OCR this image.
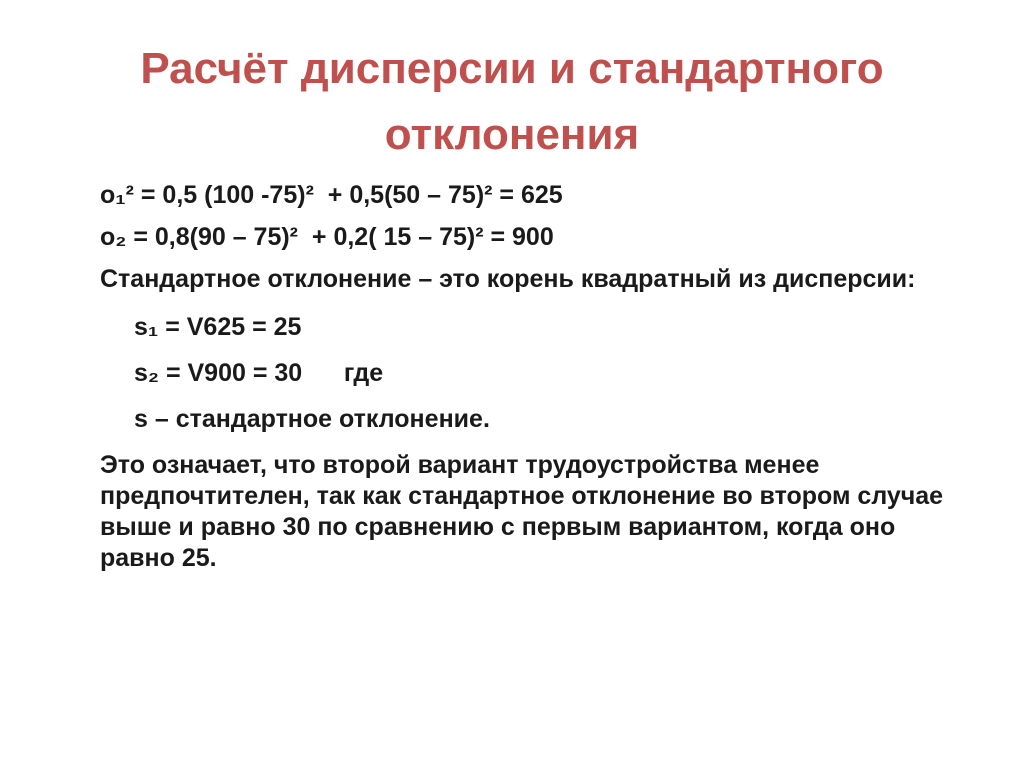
Расчёт дисперсии и стандартного отклонения

о₁² = 0,5 (100 -75)²  + 0,5(50 – 75)² = 625

о₂ = 0,8(90 – 75)²  + 0,2( 15 – 75)² = 900

Стандартное отклонение – это корень квадратный из дисперсии:

s₁ = V625 = 25

s₂ = V900 = 30      где

s – стандартное отклонение.

Это означает, что второй вариант трудоустройства менее предпочтителен, так как стандартное отклонение во втором случае выше и равно 30 по сравнению с первым вариантом, когда оно равно 25.
